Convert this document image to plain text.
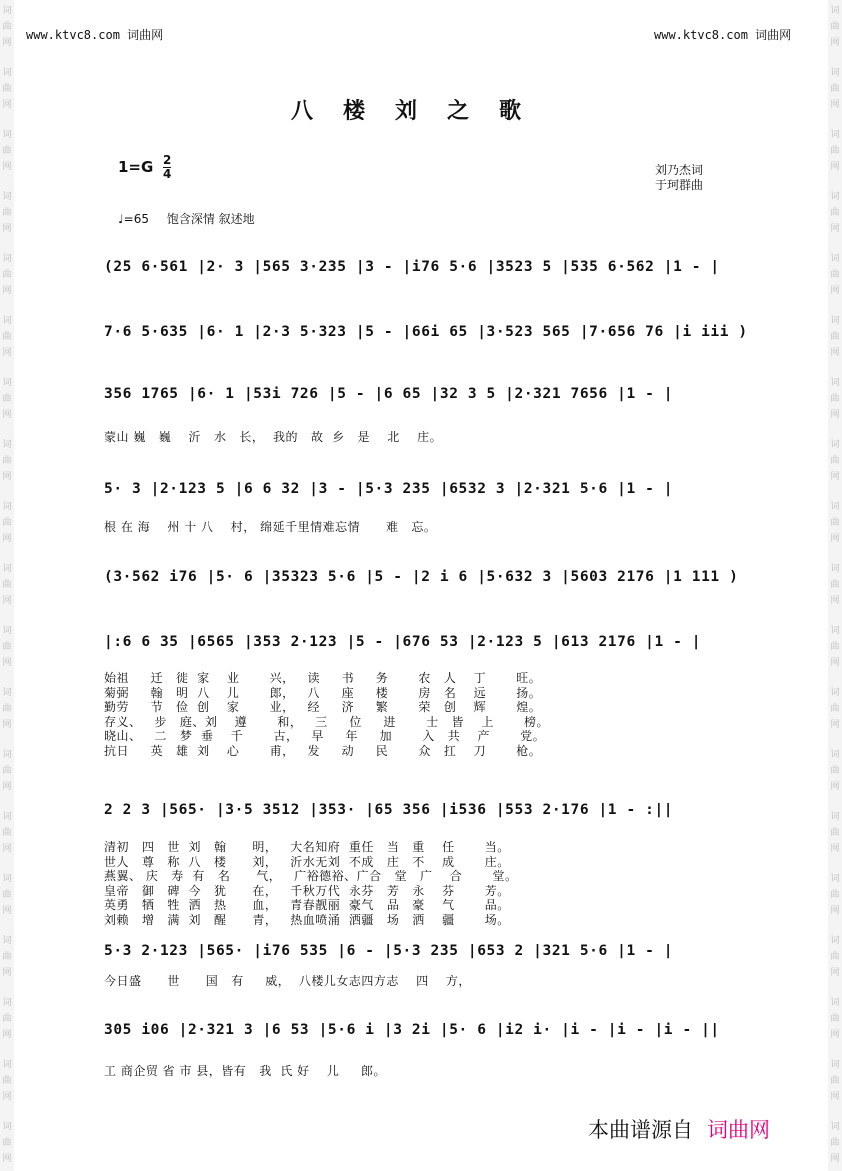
词
曲
网
词
曲
网
词
曲
网
词
曲
网
词
曲
网
词
曲
网
词
曲
网
词
曲
网
词
曲
网
词
曲
网
词
曲
网
词
曲
网
词
曲
网
词
曲
网
词
曲
网
词
曲
网
词
曲
网
词
曲
网
词
曲
网
词
曲
网
词
曲
网
词
曲
网
词
曲
网
词
曲
网
词
曲
网
词
曲
网
词
曲
网
词
曲
网
词
曲
网
词
曲
网
词
曲
网
词
曲
网
词
曲
网
词
曲
网
词
曲
网
词
曲
网
词
曲
网
词
曲
网
www.ktvc8.com 词曲网	www.ktvc8.com 词曲网
八楼刘之歌
1=G 2
4	刘乃杰词
于珂群曲
♩=65 饱含深情 叙述地
(25 6·561 |2· 3 |565 3·235 |3 - |i76 5·6 |3523 5 |535 6·562 |1 - |
7·6 5·635 |6· 1 |2·3 5·323 |5 - |66i 65 |3·523 565 |7·656 76 |i iii )
356 1765 |6· 1 |53i 726 |5 - |6 65 |32 3 5 |2·321 7656 |1 - |
蒙山 巍   巍    沂   水   长，  我的   故  乡   是    北    庄。
5· 3 |2·123 5 |6 6 32 |3 - |5·3 235 |6532 3 |2·321 5·6 |1 - |
根 在 海    州 十 八    村， 绵延千里情难忘情      难   忘。
(3·562 i76 |5· 6 |35323 5·6 |5 - |2 i 6 |5·632 3 |5603 2176 |1 111 )
|:6 6 35 |6565 |353 2·123 |5 - |676 53 |2·123 5 |613 2176 |1 - |
始祖     迁   徙  家    业       兴，   读     书     务       农   人    丁       旺。
菊弼     翰   明  八    儿       郎，   八     座     楼       房   名    远       扬。
勤劳     节   俭  创    家       业，   经     济     繁       荣   创    辉       煌。
存义、   步   庭、刘    遵       和，   三     位     进       士   皆    上       榜。
晓山、   二   梦  垂    千       古，   早     年     加       入   共    产       党。
抗日     英   雄  刘    心       甫，   发     动     民       众   扛    刀       枪。
2 2 3 |565· |3·5 3512 |353· |65 356 |i536 |553 2·176 |1 - :||
清初   四   世  刘   翰      明，   大名知府  重任   当   重    任       当。
世人   尊   称  八   楼      刘，   沂水无刘  不成   庄   不    成       庄。
燕翼、 庆   寿  有   名      气，   广裕德裕、广合   堂   广    合       堂。
皇帝   御   碑  今   犹      在，   千秋万代  永芬   芳   永    芬       芳。
英勇   牺   牲  洒   热      血，   青春靓丽  豪气   品   豪    气       品。
刘赖   增   满  刘   醒      青，   热血喷涌  洒疆   场   洒    疆       场。
5·3 2·123 |565· |i76 535 |6 - |5·3 235 |653 2 |321 5·6 |1 - |
今日盛      世      国   有     威，  八楼儿女志四方志    四    方，
305 i06 |2·321 3 |6 53 |5·6 i |3 2i |5· 6 |i2 i· |i - |i - |i - ||
工 商企贸 省 市 县，皆有   我  氏 好    儿     郎。
本曲谱源自 词曲网
